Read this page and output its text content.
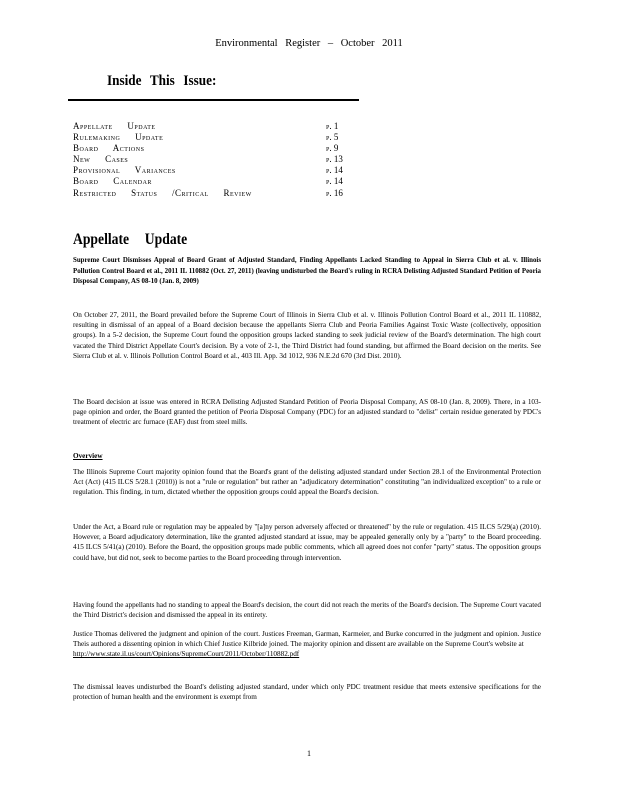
Environmental Register – October 2011
Inside This Issue:
Appellate Update	p. 1
Rulemaking Update	p. 5
Board Actions	p. 9
New Cases	p. 13
Provisional Variances	p. 14
Board Calendar	p. 14
Restricted Status /Critical Review	p. 16
Appellate Update
Supreme Court Dismisses Appeal of Board Grant of Adjusted Standard, Finding Appellants Lacked Standing to Appeal in Sierra Club et al. v. Illinois Pollution Control Board et al., 2011 IL 110882 (Oct. 27, 2011) (leaving undisturbed the Board's ruling in RCRA Delisting Adjusted Standard Petition of Peoria Disposal Company, AS 08-10 (Jan. 8, 2009)
On October 27, 2011, the Board prevailed before the Supreme Court of Illinois in Sierra Club et al. v. Illinois Pollution Control Board et al., 2011 IL 110882, resulting in dismissal of an appeal of a Board decision because the appellants Sierra Club and Peoria Families Against Toxic Waste (collectively, opposition groups). In a 5-2 decision, the Supreme Court found the opposition groups lacked standing to seek judicial review of the Board's determination. The high court vacated the Third District Appellate Court's decision. By a vote of 2-1, the Third District had found standing, but affirmed the Board decision on the merits. See Sierra Club et al. v. Illinois Pollution Control Board et al., 403 Ill. App. 3d 1012, 936 N.E.2d 670 (3rd Dist. 2010).
The Board decision at issue was entered in RCRA Delisting Adjusted Standard Petition of Peoria Disposal Company, AS 08-10 (Jan. 8, 2009). There, in a 103-page opinion and order, the Board granted the petition of Peoria Disposal Company (PDC) for an adjusted standard to "delist" certain residue generated by PDC's treatment of electric arc furnace (EAF) dust from steel mills.
Overview
The Illinois Supreme Court majority opinion found that the Board's grant of the delisting adjusted standard under Section 28.1 of the Environmental Protection Act (Act) (415 ILCS 5/28.1 (2010)) is not a "rule or regulation" but rather an "adjudicatory determination" constituting "an individualized exception" to a rule or regulation. This finding, in turn, dictated whether the opposition groups could appeal the Board's decision.
Under the Act, a Board rule or regulation may be appealed by "[a]ny person adversely affected or threatened" by the rule or regulation. 415 ILCS 5/29(a) (2010). However, a Board adjudicatory determination, like the granted adjusted standard at issue, may be appealed generally only by a "party" to the Board proceeding. 415 ILCS 5/41(a) (2010). Before the Board, the opposition groups made public comments, which all agreed does not confer "party" status. The opposition groups could have, but did not, seek to become parties to the Board proceeding through intervention.
Having found the appellants had no standing to appeal the Board's decision, the court did not reach the merits of the Board's decision. The Supreme Court vacated the Third District's decision and dismissed the appeal in its entirety.
Justice Thomas delivered the judgment and opinion of the court. Justices Freeman, Garman, Karmeier, and Burke concurred in the judgment and opinion. Justice Theis authored a dissenting opinion in which Chief Justice Kilbride joined. The majority opinion and dissent are available on the Supreme Court's website at
http://www.state.il.us/court/Opinions/SupremeCourt/2011/October/110882.pdf
The dismissal leaves undisturbed the Board's delisting adjusted standard, under which only PDC treatment residue that meets extensive specifications for the protection of human health and the environment is exempt from
1
